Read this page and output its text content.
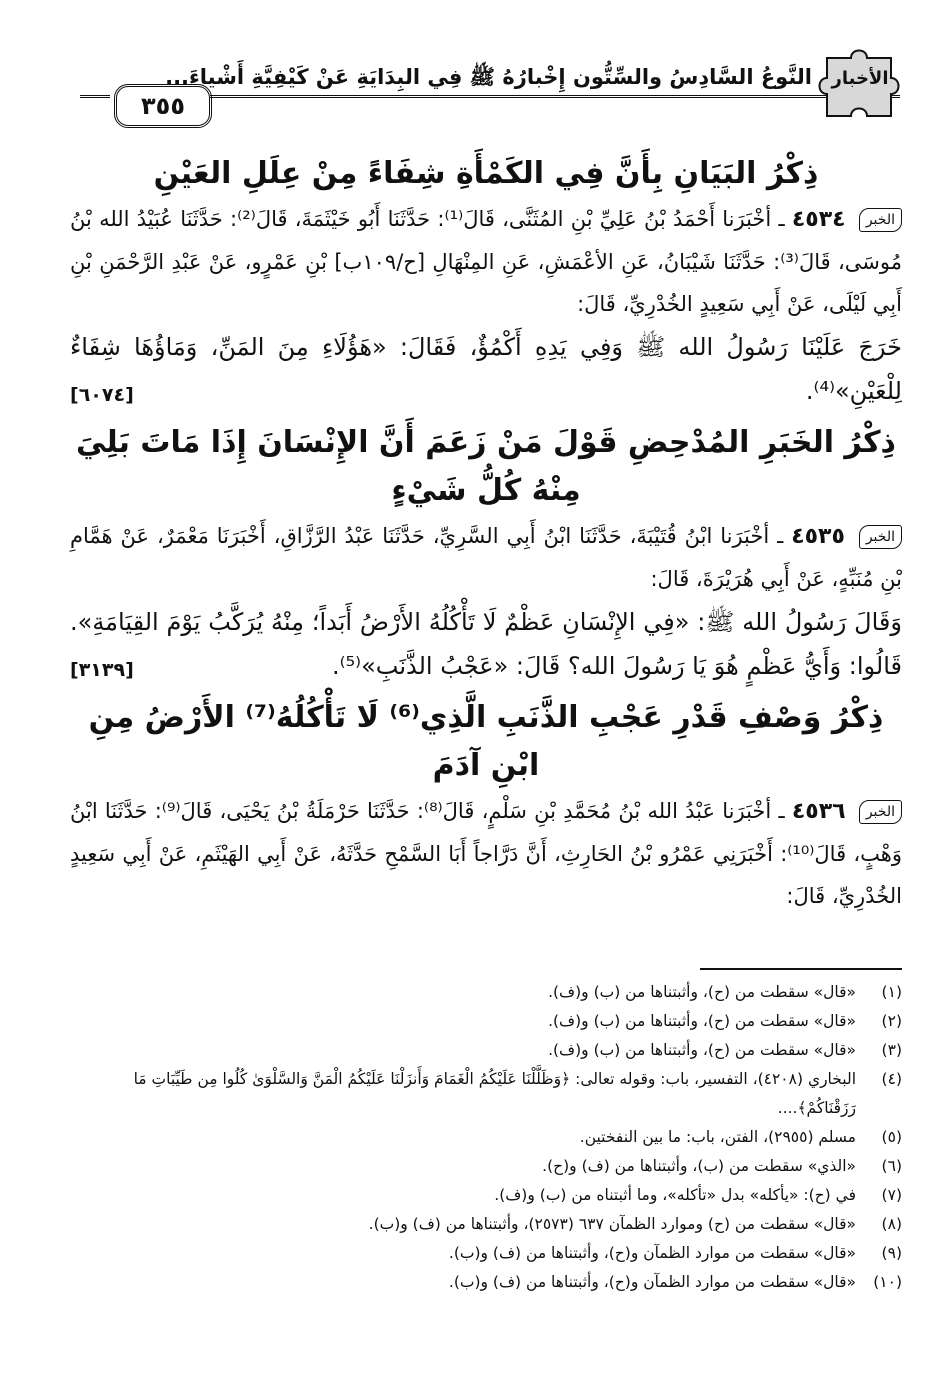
٣٥٥
النَّوعُ السَّادِسُ والسِّتُّون إِخْبارُهُ ﷺ فِي البِدَايَةِ عَنْ كَيْفِيَّةِ أَشْياءَ... الأخبار
ذِكْرُ البَيَانِ بِأَنَّ فِي الكَمْأَةِ شِفَاءً مِنْ عِلَلِ العَيْنِ

الخبر ٤٥٣٤ ـ أخْبَرَنا أَحْمَدُ بْنُ عَلِيِّ بْنِ المُثَنَّى، قَالَ⁽¹⁾: حَدَّثَنَا أَبُو خَيْثَمَةَ، قَالَ⁽²⁾: حَدَّثَنَا عُبَيْدُ الله بْنُ مُوسَى، قَالَ⁽³⁾: حَدَّثَنَا شَيْبَانُ، عَنِ الأعْمَشِ، عَنِ المِنْهَالِ [ح/١٠٩ب] بْنِ عَمْرٍو، عَنْ عَبْدِ الرَّحْمَنِ بْنِ أَبِي لَيْلَى، عَنْ أَبِي سَعِيدٍ الخُدْرِيِّ، قَالَ:

خَرَجَ عَلَيْنَا رَسُولُ الله ﷺ وَفِي يَدِهِ أَكْمُؤٌ، فَقَالَ: «هَؤُلَاءِ مِنَ المَنِّ، وَمَاؤُهَا شِفَاءٌ لِلْعَيْنِ»⁽⁴⁾.
[٦٠٧٤]

ذِكْرُ الخَبَرِ المُدْحِضِ قَوْلَ مَنْ زَعَمَ أَنَّ الإِنْسَانَ إِذَا مَاتَ بَلِيَ مِنْهُ كُلُّ شَيْءٍ

الخبر ٤٥٣٥ ـ أخْبَرَنا ابْنُ قُتَيْبَةَ، حَدَّثَنَا ابْنُ أَبِي السَّرِيِّ، حَدَّثَنَا عَبْدُ الرَّزَّاقِ، أَخْبَرَنَا مَعْمَرٌ، عَنْ هَمَّامِ بْنِ مُنَبِّهٍ، عَنْ أَبِي هُرَيْرَةَ، قَالَ:

وَقَالَ رَسُولُ الله ﷺ: «فِي الإِنْسَانِ عَظْمٌ لَا تَأْكُلُهُ الأَرْضُ أَبَداً؛ مِنْهُ يُرَكَّبُ يَوْمَ القِيَامَةِ». قَالُوا: وَأَيُّ عَظْمٍ هُوَ يَا رَسُولَ الله؟ قَالَ: «عَجْبُ الذَّنَبِ»⁽⁵⁾.
[٣١٣٩]

ذِكْرُ وَصْفِ قَدْرِ عَجْبِ الذَّنَبِ الَّذِي⁽⁶⁾ لَا تَأْكُلُهُ⁽⁷⁾ الأَرْضُ مِنِ ابْنِ آدَمَ

الخبر ٤٥٣٦ ـ أخْبَرَنا عَبْدُ الله بْنُ مُحَمَّدِ بْنِ سَلْمٍ، قَالَ⁽⁸⁾: حَدَّثَنَا حَرْمَلَةُ بْنُ يَحْيَى، قَالَ⁽⁹⁾: حَدَّثَنَا ابْنُ وَهْبٍ، قَالَ⁽¹⁰⁾: أَخْبَرَنِي عَمْرُو بْنُ الحَارِثِ، أَنَّ دَرَّاجاً أَبَا السَّمْحِ حَدَّثَهُ، عَنْ أَبِي الهَيْثَمِ، عَنْ أَبِي سَعِيدٍ الخُدْرِيِّ، قَالَ:

(١)
«قال» سقطت من (ح)، وأثبتناها من (ب) و(ف).
(٢)
«قال» سقطت من (ح)، وأثبتناها من (ب) و(ف).
(٣)
«قال» سقطت من (ح)، وأثبتناها من (ب) و(ف).
(٤)
البخاري (٤٢٠٨)، التفسير، باب: وقوله تعالى: ﴿وَظَلَّلْنَا عَلَيْكُمُ الْغَمَامَ وَأَنزَلْنَا عَلَيْكُمُ الْمَنَّ وَالسَّلْوَىٰ كُلُوا مِن طَيِّبَاتِ مَا رَزَقْنَاكُمْ﴾....
(٥)
مسلم (٢٩٥٥)، الفتن، باب: ما بين النفختين.
(٦)
«الذي» سقطت من (ب)، وأثبتناها من (ف) و(ح).
(٧)
في (ح): «يأكله» بدل «تأكله»، وما أثبتناه من (ب) و(ف).
(٨)
«قال» سقطت من (ح) وموارد الظمآن ٦٣٧ (٢٥٧٣)، وأثبتناها من (ف) و(ب).
(٩)
«قال» سقطت من موارد الظمآن و(ح)، وأثبتناها من (ف) و(ب).
(١٠)
«قال» سقطت من موارد الظمآن و(ح)، وأثبتناها من (ف) و(ب).
